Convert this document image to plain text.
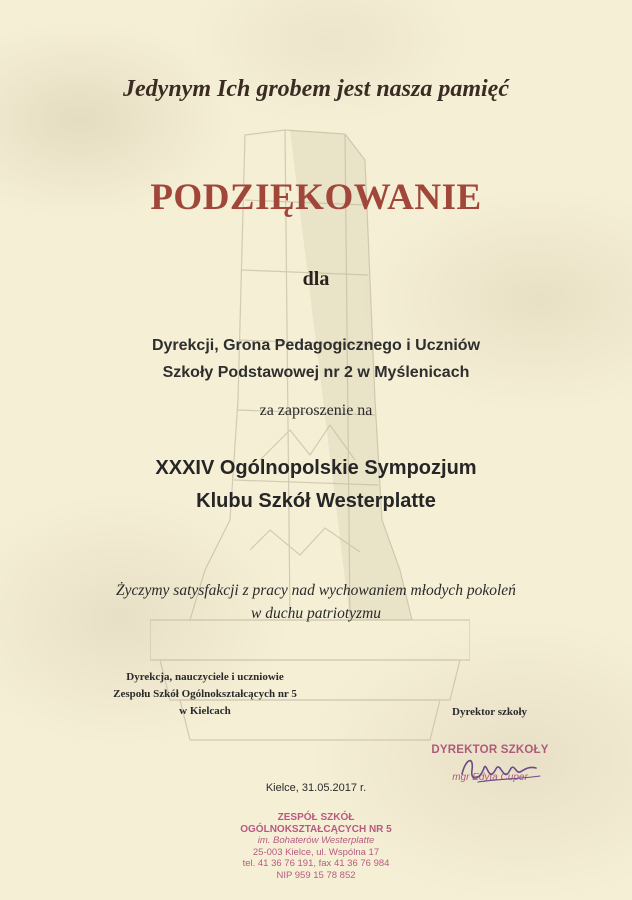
Jedynym Ich grobem jest nasza pamięć
PODZIĘKOWANIE
dla
Dyrekcji, Grona Pedagogicznego i Uczniów
Szkoły Podstawowej nr 2 w Myślenicach
za zaproszenie na
XXXIV Ogólnopolskie Sympozjum
Klubu Szkół Westerplatte
Życzymy satysfakcji z pracy nad wychowaniem młodych pokoleń
w duchu patriotyzmu
Dyrekcja, nauczyciele i uczniowie
Zespołu Szkół Ogólnokształcących nr 5
w Kielcach	Dyrektor szkoły
DYREKTOR SZKOŁY
mgr Edyta Cuper
Kielce, 31.05.2017 r.
ZESPÓŁ SZKÓŁ
OGÓLNOKSZTAŁCĄCYCH NR 5
im. Bohaterów Westerplatte
25-003 Kielce, ul. Wspólna 17
tel. 41 36 76 191, fax 41 36 76 984
NIP 959 15 78 852
